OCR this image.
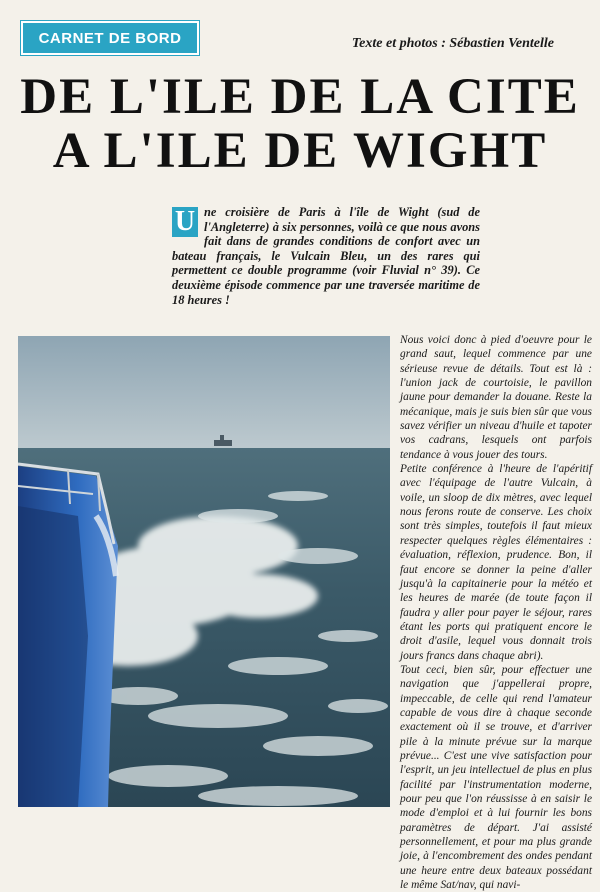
CARNET DE BORD	Texte et photos : Sébastien Ventelle
DE L'ILE DE LA CITE
A L'ILE DE WIGHT
U ne croisière de Paris à l'île de Wight (sud de l'Angleterre) à six personnes, voilà ce que nous avons fait dans de grandes conditions de confort avec un bateau français, le Vulcain Bleu, un des rares qui permettent ce double programme (voir Fluvial n° 39). Ce deuxième épisode commence par une traversée maritime de 18 heures !

Nous voici donc à pied d'oeuvre pour le grand saut, lequel commence par une sérieuse revue de détails. Tout est là : l'union jack de courtoisie, le pavillon jaune pour demander la douane. Reste la mécanique, mais je suis bien sûr que vous savez vérifier un niveau d'huile et tapoter vos cadrans, lesquels ont parfois tendance à vous jouer des tours.

Petite conférence à l'heure de l'apéritif avec l'équipage de l'autre Vulcain, à voile, un sloop de dix mètres, avec lequel nous ferons route de conserve. Les choix sont très simples, toutefois il faut mieux respecter quelques règles élémentaires : évaluation, réflexion, prudence. Bon, il faut encore se donner la peine d'aller jusqu'à la capitainerie pour la météo et les heures de marée (de toute façon il faudra y aller pour payer le séjour, rares étant les ports qui pratiquent encore le droit d'asile, lequel vous donnait trois jours francs dans chaque abri).

Tout ceci, bien sûr, pour effectuer une navigation que j'appellerai propre, impeccable, de celle qui rend l'amateur capable de vous dire à chaque seconde exactement où il se trouve, et d'arriver pile à la minute prévue sur la marque prévue... C'est une vive satisfaction pour l'esprit, un jeu intellectuel de plus en plus facilité par l'instrumentation moderne, pour peu que l'on réussisse à en saisir le mode d'emploi et à lui fournir les bons paramètres de départ. J'ai assisté personnellement, et pour ma plus grande joie, à l'encombrement des ondes pendant une heure entre deux bateaux possédant le même Sat/nav, qui navi-
